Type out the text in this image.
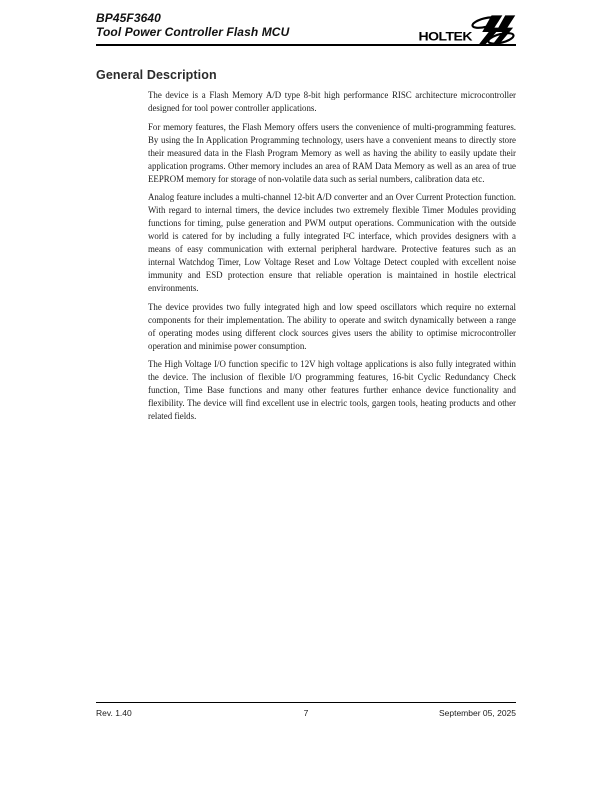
BP45F3640
Tool Power Controller Flash MCU	HOLTEK
General Description

The device is a Flash Memory A/D type 8-bit high performance RISC architecture microcontroller designed for tool power controller applications.

For memory features, the Flash Memory offers users the convenience of multi-programming features. By using the In Application Programming technology, users have a convenient means to directly store their measured data in the Flash Program Memory as well as having the ability to easily update their application programs. Other memory includes an area of RAM Data Memory as well as an area of true EEPROM memory for storage of non-volatile data such as serial numbers, calibration data etc.

Analog feature includes a multi-channel 12-bit A/D converter and an Over Current Protection function. With regard to internal timers, the device includes two extremely flexible Timer Modules providing functions for timing, pulse generation and PWM output operations. Communication with the outside world is catered for by including a fully integrated I²C interface, which provides designers with a means of easy communication with external peripheral hardware. Protective features such as an internal Watchdog Timer, Low Voltage Reset and Low Voltage Detect coupled with excellent noise immunity and ESD protection ensure that reliable operation is maintained in hostile electrical environments.

The device provides two fully integrated high and low speed oscillators which require no external components for their implementation. The ability to operate and switch dynamically between a range of operating modes using different clock sources gives users the ability to optimise microcontroller operation and minimise power consumption.

The High Voltage I/O function specific to 12V high voltage applications is also fully integrated within the device. The inclusion of flexible I/O programming features, 16-bit Cyclic Redundancy Check function, Time Base functions and many other features further enhance device functionality and flexibility. The device will find excellent use in electric tools, gargen tools, heating products and other related fields.

Rev. 1.40	7	September 05, 2025
